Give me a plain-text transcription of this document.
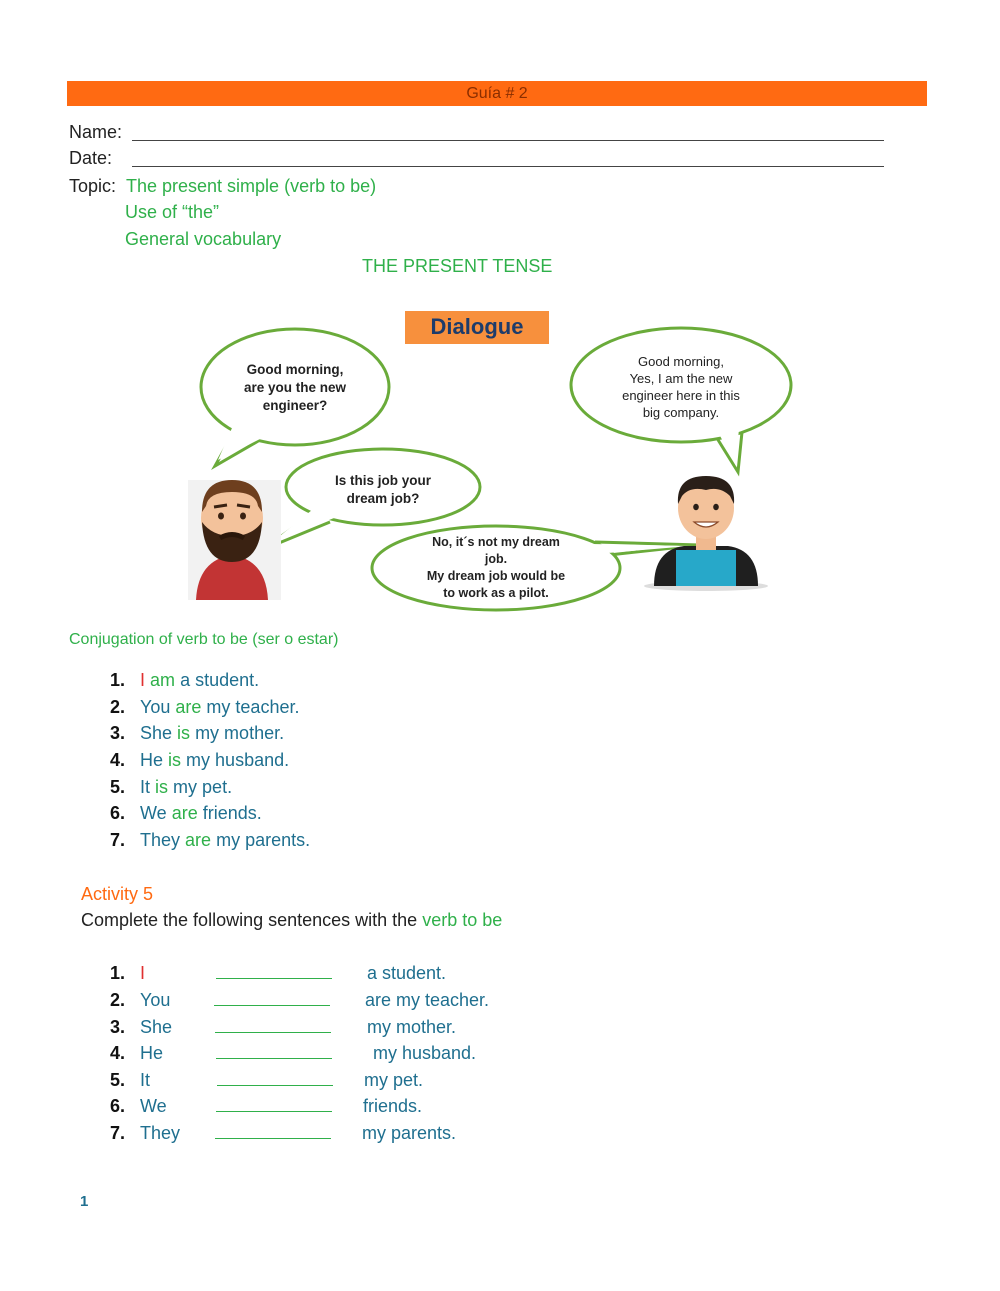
Guía # 2
Name:
Date:
Topic: The present simple (verb to be)
Use of “the”
General vocabulary
THE PRESENT TENSE
Dialogue
Good morning,
are you the new
engineer?
Good morning,
Yes, I am the new
engineer here in this
big company.
Is this job your
dream job?
No, it´s not my dream
job.
My dream job would be
to work as a pilot.
Conjugation of verb to be (ser o estar)
1. I am a student.
2. You are my teacher.
3. She is my mother.
4. He is my husband.
5. It is my pet.
6. We are friends.
7. They are my parents.
Activity 5
Complete the following sentences with the verb to be
1. I	a student.
2. You	are my teacher.
3. She	my mother.
4. He	my husband.
5. It	my pet.
6. We	friends.
7. They	my parents.
1
